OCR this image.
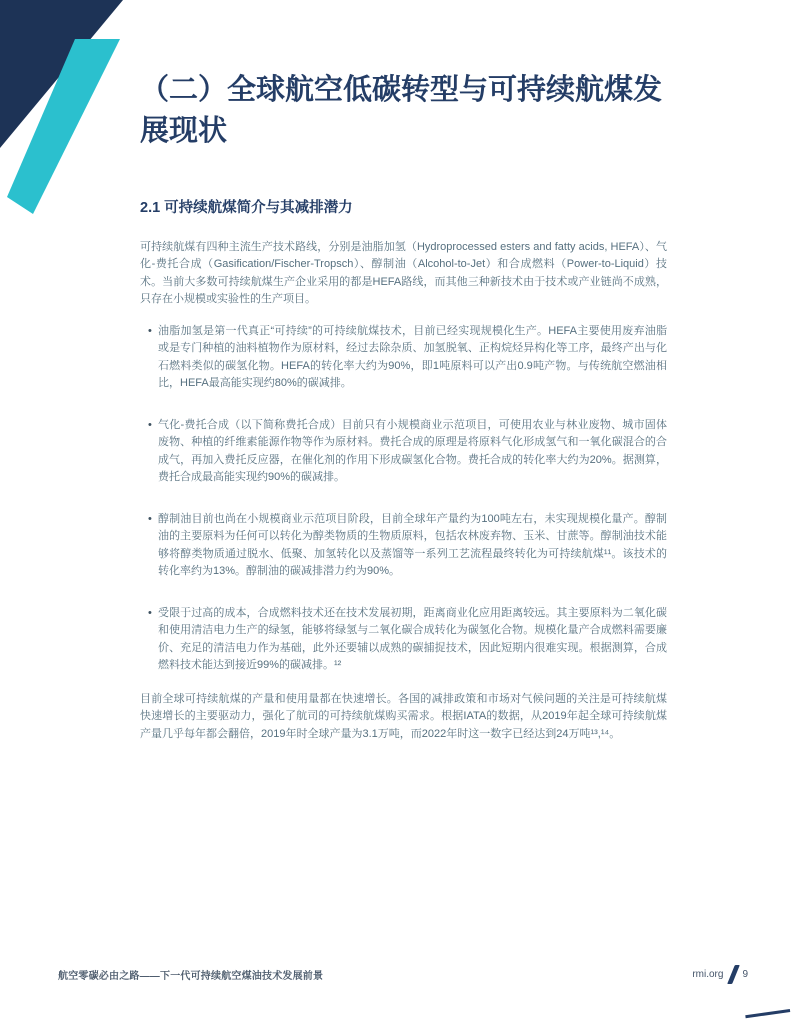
（二）全球航空低碳转型与可持续航煤发展现状
2.1 可持续航煤简介与其减排潜力

可持续航煤有四种主流生产技术路线，分别是油脂加氢（Hydroprocessed esters and fatty acids, HEFA）、气化-费托合成（Gasification/Fischer-Tropsch）、醇制油（Alcohol-to-Jet）和合成燃料（Power-to-Liquid）技术。当前大多数可持续航煤生产企业采用的都是HEFA路线，而其他三种新技术由于技术或产业链尚不成熟，只存在小规模或实验性的生产项目。

• 油脂加氢是第一代真正“可持续”的可持续航煤技术，目前已经实现规模化生产。HEFA主要使用废弃油脂或是专门种植的油料植物作为原材料，经过去除杂质、加氢脱氧、正构烷烃异构化等工序，最终产出与化石燃料类似的碳氢化物。HEFA的转化率大约为90%，即1吨原料可以产出0.9吨产物。与传统航空燃油相比，HEFA最高能实现约80%的碳减排。
• 气化-费托合成（以下简称费托合成）目前只有小规模商业示范项目，可使用农业与林业废物、城市固体废物、种植的纤维素能源作物等作为原材料。费托合成的原理是将原料气化形成氢气和一氧化碳混合的合成气，再加入费托反应器，在催化剂的作用下形成碳氢化合物。费托合成的转化率大约为20%。据测算，费托合成最高能实现约90%的碳减排。
• 醇制油目前也尚在小规模商业示范项目阶段，目前全球年产量约为100吨左右，未实现规模化量产。醇制油的主要原料为任何可以转化为醇类物质的生物质原料，包括农林废弃物、玉米、甘蔗等。醇制油技术能够将醇类物质通过脱水、低聚、加氢转化以及蒸馏等一系列工艺流程最终转化为可持续航煤¹¹。该技术的转化率约为13%。醇制油的碳减排潜力约为90%。
• 受限于过高的成本，合成燃料技术还在技术发展初期，距离商业化应用距离较远。其主要原料为二氧化碳和使用清洁电力生产的绿氢，能够将绿氢与二氧化碳合成转化为碳氢化合物。规模化量产合成燃料需要廉价、充足的清洁电力作为基础，此外还要辅以成熟的碳捕捉技术，因此短期内很难实现。根据测算，合成燃料技术能达到接近99%的碳减排。¹²

目前全球可持续航煤的产量和使用量都在快速增长。各国的减排政策和市场对气候问题的关注是可持续航煤快速增长的主要驱动力，强化了航司的可持续航煤购买需求。根据IATA的数据，从2019年起全球可持续航煤产量几乎每年都会翻倍，2019年时全球产量为3.1万吨，而2022年时这一数字已经达到24万吨¹³,¹⁴。

航空零碳必由之路——下一代可持续航空煤油技术发展前景	rmi.org 9
